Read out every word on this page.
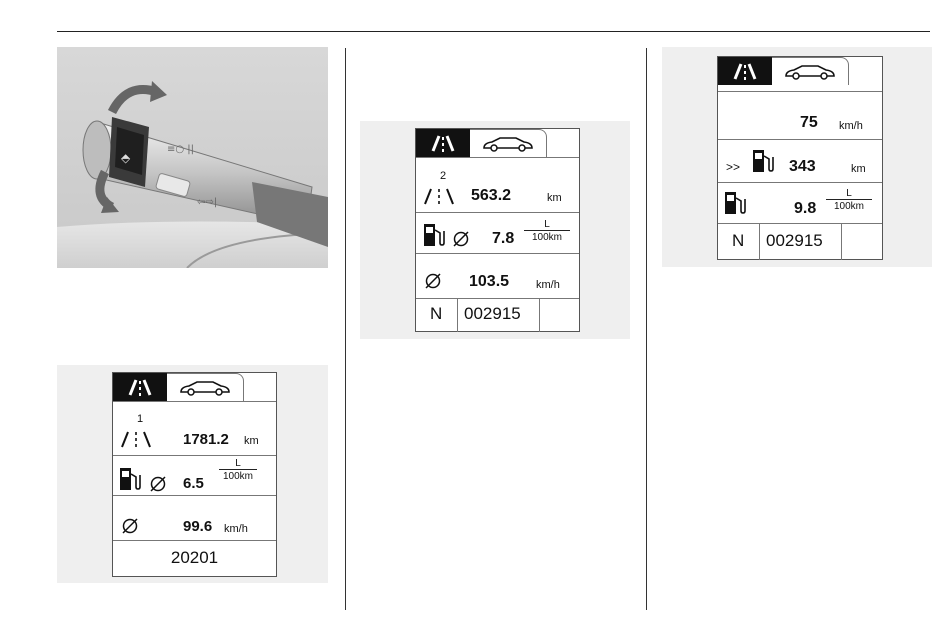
⬘
≡○ ||
⇦⇨|
1
1781.2 km
6.5
$\frac{L}{100km}$
99.6 km/h
20201
2
563.2	km
$7.8 \frac{L}{100km}$
103.5 km/h
N 002915
75 km/h
>>	343	km
$9.8 \frac{L}{100km}$
N 002915
